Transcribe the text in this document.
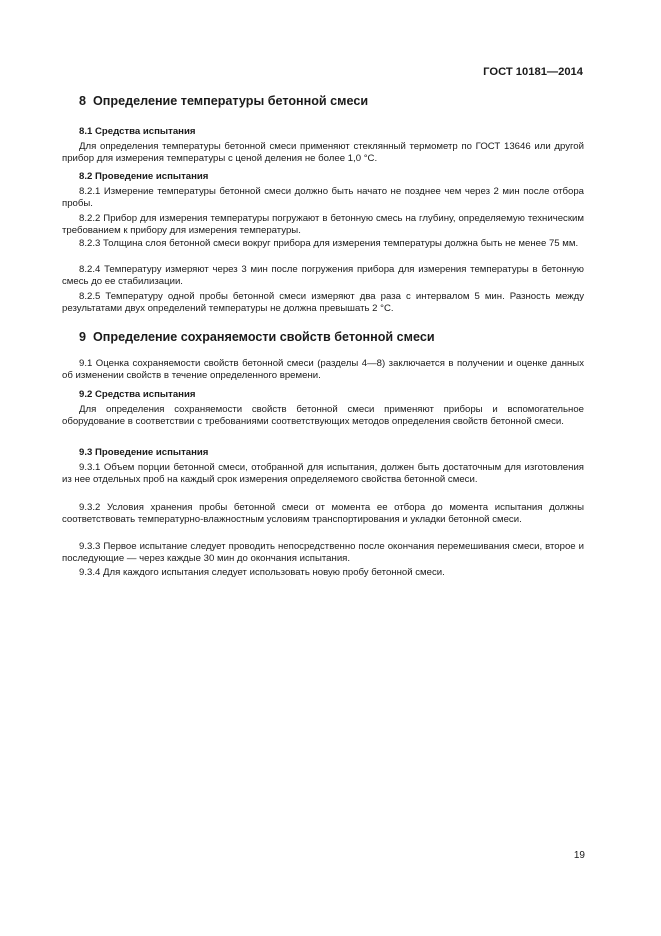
ГОСТ 10181—2014
8 Определение температуры бетонной смеси
8.1 Средства испытания
Для определения температуры бетонной смеси применяют стеклянный термометр по ГОСТ 13646 или другой прибор для измерения температуры с ценой деления не более 1,0 °C.
8.2 Проведение испытания
8.2.1 Измерение температуры бетонной смеси должно быть начато не позднее чем через 2 мин после отбора пробы.
8.2.2 Прибор для измерения температуры погружают в бетонную смесь на глубину, определяемую техническим требованием к прибору для измерения температуры.
8.2.3 Толщина слоя бетонной смеси вокруг прибора для измерения температуры должна быть не менее 75 мм.
8.2.4 Температуру измеряют через 3 мин после погружения прибора для измерения температуры в бетонную смесь до ее стабилизации.
8.2.5 Температуру одной пробы бетонной смеси измеряют два раза с интервалом 5 мин. Разность между результатами двух определений температуры не должна превышать 2 °C.
9 Определение сохраняемости свойств бетонной смеси
9.1 Оценка сохраняемости свойств бетонной смеси (разделы 4—8) заключается в получении и оценке данных об изменении свойств в течение определенного времени.
9.2 Средства испытания
Для определения сохраняемости свойств бетонной смеси применяют приборы и вспомогательное оборудование в соответствии с требованиями соответствующих методов определения свойств бетонной смеси.
9.3 Проведение испытания
9.3.1 Объем порции бетонной смеси, отобранной для испытания, должен быть достаточным для изготовления из нее отдельных проб на каждый срок измерения определяемого свойства бетонной смеси.
9.3.2 Условия хранения пробы бетонной смеси от момента ее отбора до момента испытания должны соответствовать температурно-влажностным условиям транспортирования и укладки бетонной смеси.
9.3.3 Первое испытание следует проводить непосредственно после окончания перемешивания смеси, второе и последующие — через каждые 30 мин до окончания испытания.
9.3.4 Для каждого испытания следует использовать новую пробу бетонной смеси.
19
